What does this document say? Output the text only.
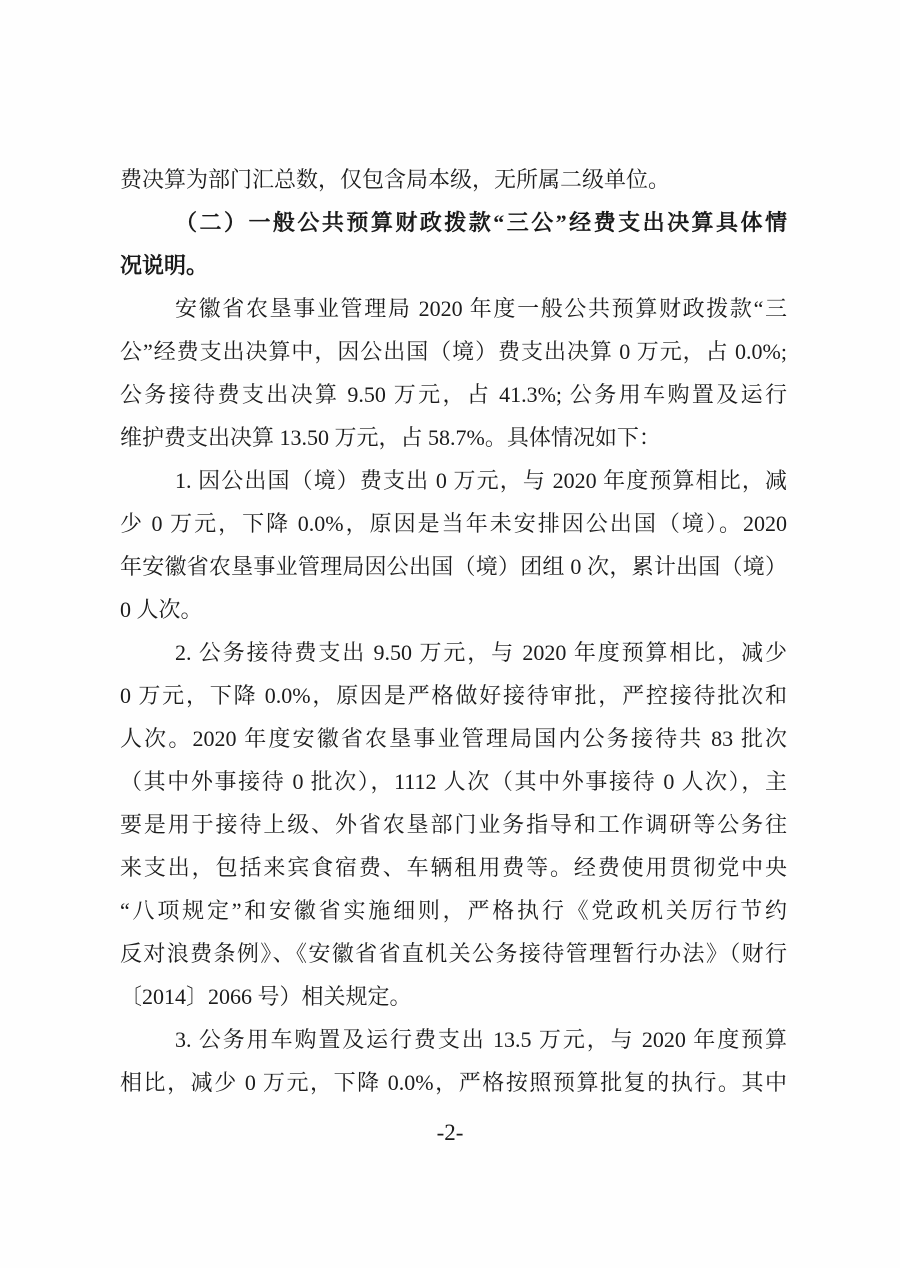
费决算为部门汇总数，仅包含局本级，无所属二级单位。
（二）一般公共预算财政拨款“三公”经费支出决算具体情
况说明。
安徽省农垦事业管理局 2020 年度一般公共预算财政拨款“三
公”经费支出决算中，因公出国（境）费支出决算 0 万元，占 0.0%;
公务接待费支出决算 9.50 万元，占 41.3%; 公务用车购置及运行
维护费支出决算 13.50 万元，占 58.7%。具体情况如下：
1. 因公出国（境）费支出 0 万元，与 2020 年度预算相比，减
少 0 万元，下降 0.0%，原因是当年未安排因公出国（境）。2020
年安徽省农垦事业管理局因公出国（境）团组 0 次，累计出国（境）
0 人次。
2. 公务接待费支出 9.50 万元，与 2020 年度预算相比，减少
0 万元，下降 0.0%，原因是严格做好接待审批，严控接待批次和
人次。2020 年度安徽省农垦事业管理局国内公务接待共 83 批次
（其中外事接待 0 批次），1112 人次（其中外事接待 0 人次），主
要是用于接待上级、外省农垦部门业务指导和工作调研等公务往
来支出，包括来宾食宿费、车辆租用费等。经费使用贯彻党中央
“八项规定”和安徽省实施细则，严格执行《党政机关厉行节约
反对浪费条例》、《安徽省省直机关公务接待管理暂行办法》（财行
〔2014〕2066 号）相关规定。
3. 公务用车购置及运行费支出 13.5 万元，与 2020 年度预算
相比，减少 0 万元，下降 0.0%，严格按照预算批复的执行。其中
-2-
